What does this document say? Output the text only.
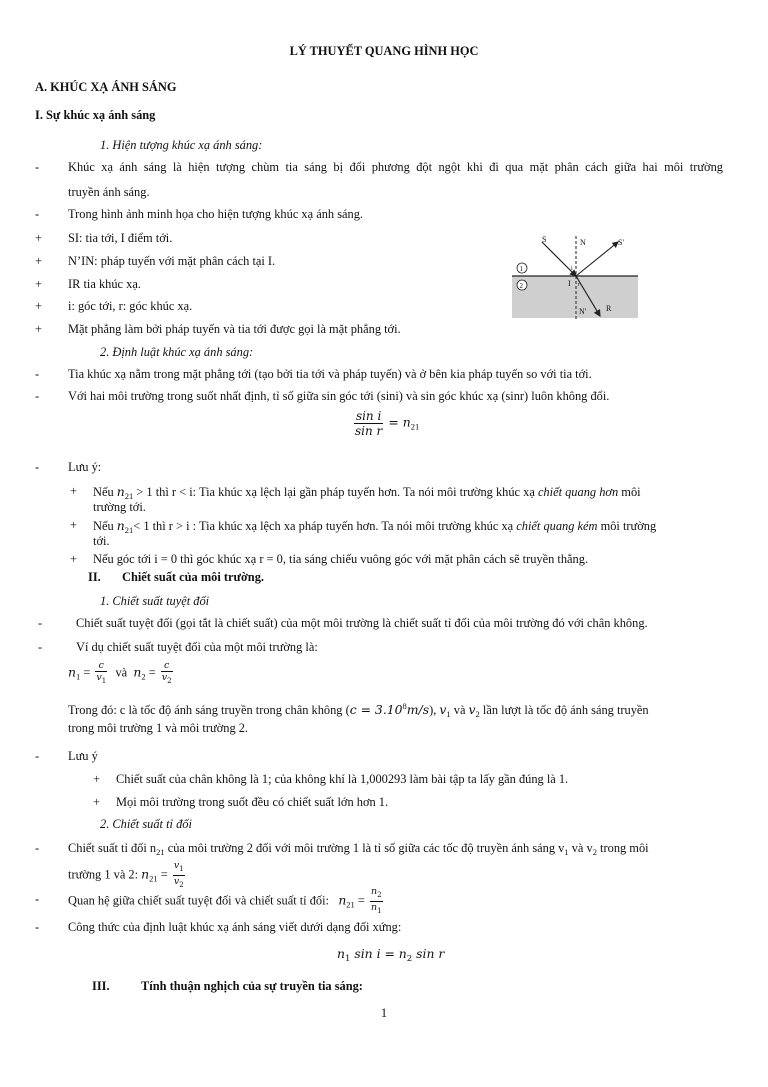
LÝ THUYẾT QUANG HÌNH HỌC
A. KHÚC XẠ ÁNH SÁNG
I. Sự khúc xạ ánh sáng
1. Hiện tượng khúc xạ ánh sáng:
- Khúc xạ ánh sáng là hiện tượng chùm tia sáng bị đổi phương đột ngột khi đi qua mặt phân cách giữa hai môi trường
truyền ánh sáng.
- Trong hình ảnh minh họa cho hiện tượng khúc xạ ánh sáng.
+ SI: tia tới, I điểm tới.
+ N’IN: pháp tuyến với mặt phân cách tại I.
+ IR tia khúc xạ.
+ i: góc tới, r: góc khúc xạ.
+ Mặt phẳng làm bởi pháp tuyến và tia tới được gọi là mặt phẳng tới.
S	N	S'
1
2	I
i
r
R
N'
2. Định luật khúc xạ ánh sáng:
- Tia khúc xạ nằm trong mặt phẳng tới (tạo bởi tia tới và pháp tuyến) và ở bên kia pháp tuyến so với tia tới.
- Với hai môi trường trong suốt nhất định, tỉ số giữa sin góc tới (sini) và sin góc khúc xạ (sinr) luôn không đổi.
$\frac{\text{sin i}}{\text{sin r}} = n_{21}$
- Lưu ý:
+ Nếu $n_{21} > 1$ thì r < i: Tia khúc xạ lệch lại gần pháp tuyến hơn. Ta nói môi trường khúc xạ chiết quang hơn môi
trường tới.
+ Nếu $n_{21}< 1$ thì r > i : Tia khúc xạ lệch xa pháp tuyến hơn. Ta nói môi trường khúc xạ chiết quang kém môi trường
tới.
+ Nếu góc tới i = 0 thì góc khúc xạ r = 0, tia sáng chiếu vuông góc với mặt phân cách sẽ truyền thẳng.
II. Chiết suất của môi trường.
1. Chiết suất tuyệt đối
-	Chiết suất tuyệt đối (gọi tắt là chiết suất) của một môi trường là chiết suất tỉ đối của môi trường đó với chân không.
-	Ví dụ chiết suất tuyệt đối của một môi trường là:
$n_1 = \frac{c}{v_1}$ và $n_2 = \frac{c}{v_2}$
Trong đó: c là tốc độ ánh sáng truyền trong chân không $(c = 3.10^8m/s)$, $v_1$ và $v_2$ lần lượt là tốc độ ánh sáng truyền
trong môi trường 1 và môi trường 2.
- Lưu ý
+ Chiết suất của chân không là 1; của không khí là 1,000293 làm bài tập ta lấy gần đúng là 1.
+ Mọi môi trường trong suốt đều có chiết suất lớn hơn 1.
2. Chiết suất tỉ đối
- Chiết suất tỉ đối $n_{21}$ của môi trường 2 đối với môi trường 1 là tỉ số giữa các tốc độ truyền ánh sáng $v_1$ và $v_2$ trong môi
trường 1 và 2: $n_{21} = \frac{v_1}{v_2}$
- Quan hệ giữa chiết suất tuyệt đối và chiết suất tỉ đối:   $n_{21} = \frac{n_2}{n_1}$
- Công thức của định luật khúc xạ ánh sáng viết dưới dạng đối xứng:
$n_1$ $\sin i = n_2$ sin r
III.	Tính thuận nghịch của sự truyền tia sáng:
1
